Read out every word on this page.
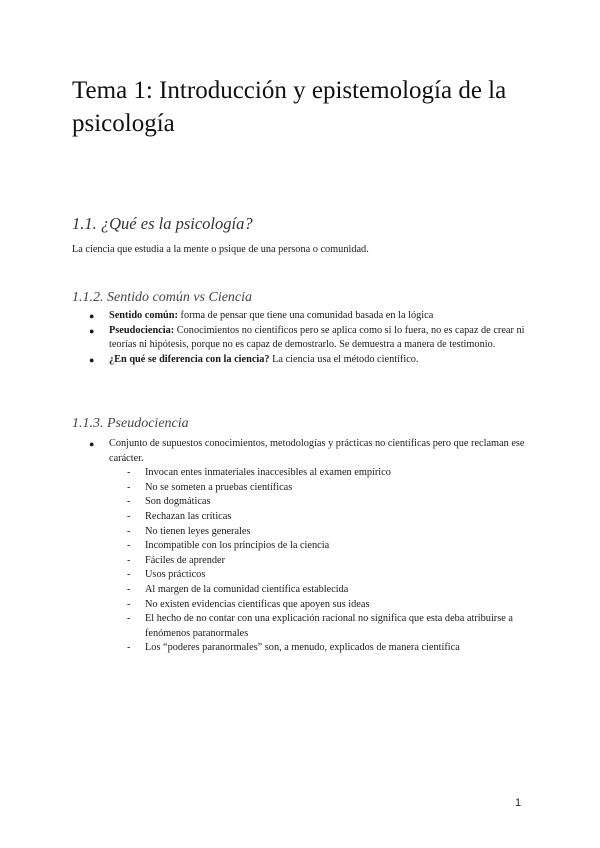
Tema 1: Introducción y epistemología de la psicología
1.1. ¿Qué es la psicología?

La ciencia que estudia a la mente o psique de una persona o comunidad.

1.1.2. Sentido común vs Ciencia
● Sentido común: forma de pensar que tiene una comunidad basada en la lógica
● Pseudociencia: Conocimientos no científicos pero se aplica como si lo fuera, no es capaz de crear ni teorías ni hipótesis, porque no es capaz de demostrarlo. Se demuestra a manera de testimonio.
● ¿En qué se diferencia con la ciencia? La ciencia usa el método científico.
1.1.3. Pseudociencia
● Conjunto de supuestos conocimientos, metodologías y prácticas no científicas pero que reclaman ese carácter.
- Invocan entes inmateriales inaccesibles al examen empírico
- No se someten a pruebas científicas
- Son dogmáticas
- Rechazan las críticas
- No tienen leyes generales
- Incompatible con los principios de la ciencia
- Fáciles de aprender
- Usos prácticos
- Al margen de la comunidad científica establecida
- No existen evidencias científicas que apoyen sus ideas
- El hecho de no contar con una explicación racional no significa que esta deba atribuirse a fenómenos paranormales
- Los “poderes paranormales” son, a menudo, explicados de manera científica
1
